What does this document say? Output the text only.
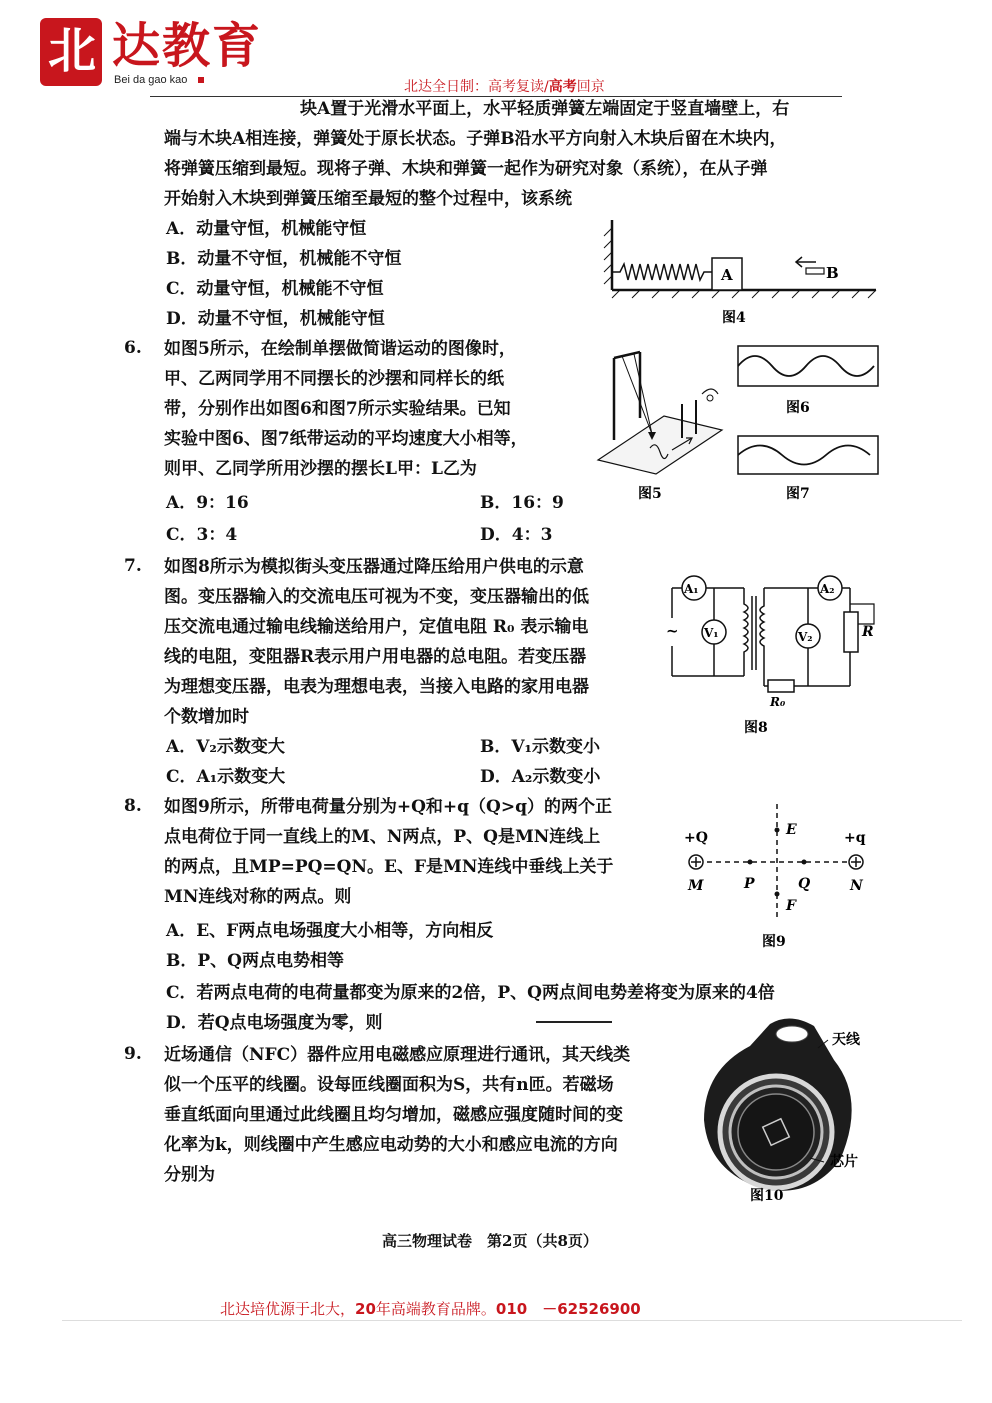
北 达教育
Bei da gao kao	北达全日制：高考复读/高考回京
块A置于光滑水平面上，水平轻质弹簧左端固定于竖直墙壁上，右
端与木块A相连接，弹簧处于原长状态。子弹B沿水平方向射入木块后留在木块内，
将弹簧压缩到最短。现将子弹、木块和弹簧一起作为研究对象（系统），在从子弹
开始射入木块到弹簧压缩至最短的整个过程中，该系统
A．动量守恒，机械能守恒
B．动量不守恒，机械能不守恒
C．动量守恒，机械能不守恒
D．动量不守恒，机械能守恒
A	B
图4
6. 如图5所示，在绘制单摆做简谐运动的图像时，
甲、乙两同学用不同摆长的沙摆和同样长的纸
带，分别作出如图6和图7所示实验结果。已知
实验中图6、图7纸带运动的平均速度大小相等，
则甲、乙同学所用沙摆的摆长L甲：L乙为
A．9：16	B．16：9
C．3：4	D．4：3
图5
图6
图7
7. 如图8所示为模拟街头变压器通过降压给用户供电的示意
图。变压器输入的交流电压可视为不变，变压器输出的低
压交流电通过输电线输送给用户，定值电阻 R₀ 表示输电
线的电阻，变阻器R表示用户用电器的总电阻。若变压器
为理想变压器，电表为理想电表，当接入电路的家用电器
个数增加时
A．V₂示数变大	B．V₁示数变小
C．A₁示数变大	D．A₂示数变小
A₁
~ V₁
A₂
R
V₂
R₀
图8
8. 如图9所示，所带电荷量分别为+Q和+q（Q>q）的两个正
点电荷位于同一直线上的M、N两点，P、Q是MN连线上
的两点，且MP=PQ=QN。E、F是MN连线中垂线上关于
MN连线对称的两点。则
A．E、F两点电场强度大小相等，方向相反
B．P、Q两点电势相等
C．若两点电荷的电荷量都变为原来的2倍，P、Q两点间电势差将变为原来的4倍
D．若Q点电场强度为零，则
+Q	+q
M	P	Q	N
E
F
图9
9. 近场通信（NFC）器件应用电磁感应原理进行通讯，其天线类
似一个压平的线圈。设每匝线圈面积为S，共有n匝。若磁场
垂直纸面向里通过此线圈且均匀增加，磁感应强度随时间的变
化率为k，则线圈中产生感应电动势的大小和感应电流的方向
分别为
天线
芯片
图10
高三物理试卷　第2页（共8页）
北达培优源于北大，20年高端教育品牌。010　－62526900
